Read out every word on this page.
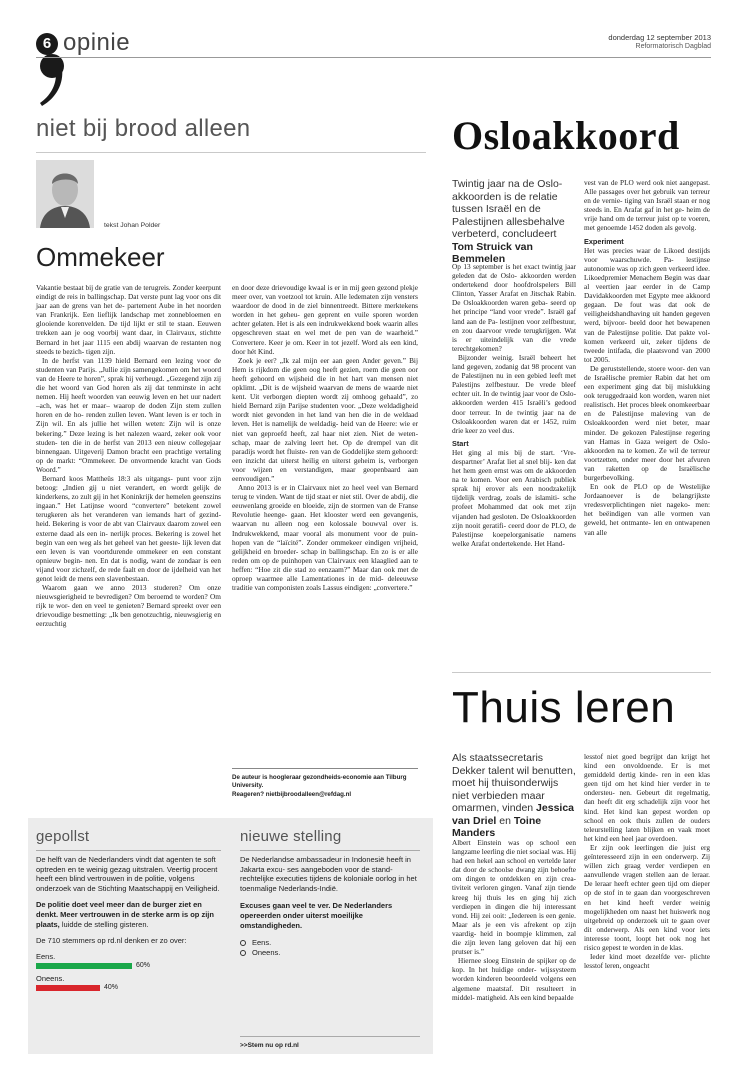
6 opinie	donderdag 12 september 2013
Reformatorisch Dagblad
niet bij brood alleen
tekst Johan Polder
Ommekeer

Vakantie bestaat bij de gratie van de terugreis. Zonder keerpunt eindigt de reis in ballingschap. Dat verste punt lag voor ons dit jaar aan de grens van het de- partement Aube in het noorden van Frankrijk. Een lieflijk landschap met zonnebloemen en glooiende korenvelden. De tijd lijkt er stil te staan. Eeuwen trekken aan je oog voorbij want daar, in Clairvaux, stichtte Bernard in het jaar 1115 een abdij waarvan de restanten nog steeds te bezich- tigen zijn.

In de herfst van 1139 hield Bernard een lezing voor de studenten van Parijs. „Jullie zijn samengekomen om het woord van de Heere te horen”, sprak hij verheugd. „Gezegend zijn zij die het woord van God horen als zij dat tenminste in acht nemen. Hij heeft woorden van eeuwig leven en het uur nadert –ach, was het er maar– waarop de doden Zijn stem zullen horen en de ho- renden zullen leven. Want leven is er toch in Zijn wil. En als jullie het willen weten: Zijn wil is onze bekering.” Deze lezing is het nalezen waard, zeker ook voor studen- ten die in de herfst van 2013 een nieuw collegejaar binnengaan. Uitgeverij Damon bracht een prachtige vertaling op de markt: “Ommekeer. De onvormende kracht van Gods Woord.”

Bernard koos Mattheüs 18:3 als uitgangs- punt voor zijn betoog: „Indien gij u niet verandert, en wordt gelijk de kinderkens, zo zult gij in het Koninkrijk der hemelen geenszins ingaan.” Het Latijnse woord “convertere” betekent zowel terugkeren als het veranderen van iemands hart of gezind- heid. Bekering is voor de abt van Clairvaux daarom zowel een externe daad als een in- nerlijk proces. Bekering is zowel het begin van een weg als het geheel van het geeste- lijk leven dat een leven is van voortdurende ommekeer en een constant opnieuw begin- nen. En dat is nodig, want de zondaar is een vijand voor zichzelf, de rede faalt en door de ijdelheid van het genot leidt de mens een slavenbestaan.

Waarom gaan we anno 2013 studeren? Om onze nieuwsgierigheid te bevredigen? Om beroemd te worden? Om rijk te wor- den en veel te genieten? Bernard spreekt over een drievoudige besmetting: „Ik ben genotzuchtig, nieuwsgierig en eerzuchtig

en door deze drievoudige kwaal is er in mij geen gezond plekje meer over, van voetzool tot kruin. Alle ledematen zijn vensters waardoor de dood in de ziel binnentreedt. Bittere merktekens worden in het geheu- gen geprent en vuile sporen worden achter gelaten. Het is als een indrukwekkend boek waarin alles opgeschreven staat en wel met de pen van de waarheid.” Convertere. Keer je om. Keer in tot jezelf. Word als een kind, door hét Kind.

Zoek je eer? „Ik zal mijn eer aan geen Ander geven.” Bij Hem is rijkdom die geen oog heeft gezien, roem die geen oor heeft gehoord en wijsheid die in het hart van mensen niet opklimt. „Dit is de wijsheid waarvan de mens de waarde niet kent. Uit verborgen diepten wordt zij omhoog gehaald”, zo hield Bernard zijn Parijse studenten voor. „Deze weldadigheid wordt niet gevonden in het land van hen die in de weldaad leven. Het is namelijk de weldadig- heid van de Heere: wie er niet van geproefd heeft, zal haar niet zien. Niet de weten- schap, maar de zalving leert het. Op de drempel van dit paradijs wordt het fluiste- ren van de Goddelijke stem gehoord: een inzicht dat uiterst heilig en uiterst geheim is, verborgen voor wijzen en verstandigen, maar geopenbaard aan eenvoudigen.”

Anno 2013 is er in Clairvaux niet zo heel veel van Bernard terug te vinden. Want de tijd staat er niet stil. Over de abdij, die eeuwenlang groeide en bloeide, zijn de stormen van de Franse Revolutie heenge- gaan. Het klooster werd een gevangenis, waarvan nu alleen nog een kolossale bouwval over is. Indrukwekkend, maar vooral als monument voor de puin- hopen van de “laïcité”. Zonder ommekeer eindigen vrijheid, gelijkheid en broeder- schap in ballingschap. En zo is er alle reden om op de puinhopen van Clairvaux een klaaglied aan te heffen: “Hoe zit die stad zo eenzaam?” Maar dan ook met de oproep waarmee alle Lamentationes in de mid- deleeuwse traditie van componisten zoals Lassus eindigen: „convertere.”

De auteur is hoogleraar gezondheids-economie aan Tilburg University.
Reageren? nietbijbroodalleen@refdag.nl
Osloakkoord
Twintig jaar na de Oslo-akkoorden is de relatie tussen Israël en de Palestijnen allesbehalve verbeterd, concludeert Tom Struick van Bemmelen

Op 13 september is het exact twintig jaar geleden dat de Oslo- akkoorden werden ondertekend door hoofdrolspelers Bill Clinton, Yasser Arafat en Jitschak Rabin. De Osloakkoorden waren geba- seerd op het principe “land voor vrede”. Israël gaf land aan de Pa- lestijnen voor zelfbestuur, en zou daarvoor vrede terugkrijgen. Wat is er uiteindelijk van die vrede terechtgekomen?

Bijzonder weinig. Israël beheert het land gegeven, zodanig dat 98 procent van de Palestijnen nu in een gebied leeft met Palestijns zelfbestuur. De vrede bleef echter uit. In de twintig jaar voor de Oslo- akkoorden werden 415 Israëli’s gedood door terreur. In de twintig jaar na de Osloakkoorden waren dat er 1452, ruim drie keer zo veel dus.

Start

Het ging al mis bij de start. ‘Vre- despartner’ Arafat liet al snel blij- ken dat het hem geen ernst was om de akkoorden na te komen. Voor een Arabisch publiek sprak hij erover als een noodzakelijk tijdelijk verdrag, zoals de islamiti- sche profeet Mohammed dat ook met zijn vijanden had gesloten. De Osloakkoorden zijn nooit geratifi- ceerd door de PLO, de Palestijnse koepelorganisatie namens welke Arafat ondertekende. Het Hand-

vest van de PLO werd ook niet aangepast. Alle passages over het gebruik van terreur en de vernie- tiging van Israël staan er nog steeds in. En Arafat gaf in het ge- heim de vrije hand om de terreur juist op te voeren, met genoemde 1452 doden als gevolg.

Experiment

Het was precies waar de Likoed destijds voor waarschuwde. Pa- lestijnse autonomie was op zich geen verkeerd idee. Likoedpremier Menachem Begin was daar al veertien jaar eerder in de Camp Davidakkoorden met Egypte mee akkoord gegaan. De fout was dat ook de veiligheidshandhaving uit handen gegeven werd, bijvoor- beeld door het bewapenen van de Palestijnse politie. Dat pakte vol- komen verkeerd uit, zeker tijdens de tweede intifada, die plaatsvond van 2000 tot 2005.

De geruststellende, stoere woor- den van de Israëlische premier Rabin dat het om een experiment ging dat bij mislukking ook teruggedraaid kon worden, waren niet realistisch. Het proces bleek onomkeerbaar en de Palestijnse maleving van de Osloakkoorden werd niet beter, maar minder. De gekozen Palestijnse regering van Hamas in Gaza weigert de Oslo- akkoorden na te komen. Ze wil de terreur voortzetten, onder meer door het afvuren van raketten op de Israëlische burgerbevolking.

En ook de PLO op de Westelijke Jordaanoever is de belangrijkste vredesverplichtingen niet nageko- men: het beëindigen van alle vormen van geweld, het ontmante- len en ontwapenen van alle

Thuis leren
Als staatssecretaris Dekker talent wil benutten, moet hij thuisonderwijs niet verbieden maar omarmen, vinden Jessica van Driel en Toine Manders

Albert Einstein was op school een langzame leerling die niet sociaal was. Hij had een hekel aan school en vertelde later dat door de schoolse dwang zijn behoefte om dingen te ontdekken en zijn crea- tiviteit verloren gingen. Vanaf zijn tiende kreeg hij thuis les en ging hij zich verdiepen in dingen die hij interessant vond. Hij zei ooit: „Iedereen is een genie. Maar als je een vis afrekent op zijn vaardig- heid in boompje klimmen, zal die zijn leven lang geloven dat hij een prutser is.”

Hiernee sloeg Einstein de spijker op de kop. In het huidige onder- wijssysteem worden kinderen beoordeeld volgens een algemene maatstaf. Dit resulteert in middel- matigheid. Als een kind bepaalde

lesstof niet goed begrijpt dan krijgt het kind een onvoldoende. Er is met gemiddeld dertig kinde- ren in een klas geen tijd om het kind hier verder in te ondersteu- nen. Gebeurt dit regelmatig, dan heeft dit erg schadelijk zijn voor het kind. Het kind kan gepest worden op school en ook thuis zullen de ouders teleurstelling laten blijken en vaak moet het kind een heel jaar overdoen.

Er zijn ook leerlingen die juist erg geïnteresseerd zijn in een onderwerp. Zij willen zich graag verder verdiepen en aanvullende vragen stellen aan de leraar. De leraar heeft echter geen tijd om dieper op de stof in te gaan dan voorgeschreven en het kind heeft verder weinig mogelijkheden om naast het huiswerk nog uitgebreid op onderzoek uit te gaan over dit onderwerp. Als een kind voor iets interesse toont, loopt het ook nog het risico gepest te worden in de klas.

Ieder kind moet dezelfde ver- plichte lesstof leren, ongeacht

gepollst
De helft van de Nederlanders vindt dat agenten te soft optreden en te weinig gezag uitstralen. Veertig procent heeft een blind vertrouwen in de politie, volgens onderzoek van de Stichting Maatschappij en Veiligheid.
De politie doet veel meer dan de burger ziet en denkt. Meer vertrouwen in de sterke arm is op zijn plaats, luidde de stelling gisteren.
De 710 stemmers op rd.nl denken er zo over:
Eens.
60%
Oneens.
40%
nieuwe stelling
De Nederlandse ambassadeur in Indonesië heeft in Jakarta excu- ses aangeboden voor de stand- rechtelijke executies tijdens de koloniale oorlog in het toenmalige Nederlands-Indië.
Excuses gaan veel te ver. De Nederlanders opereerden onder uiterst moeilijke omstandigheden.
Eens.
Oneens.
>>Stem nu op rd.nl
